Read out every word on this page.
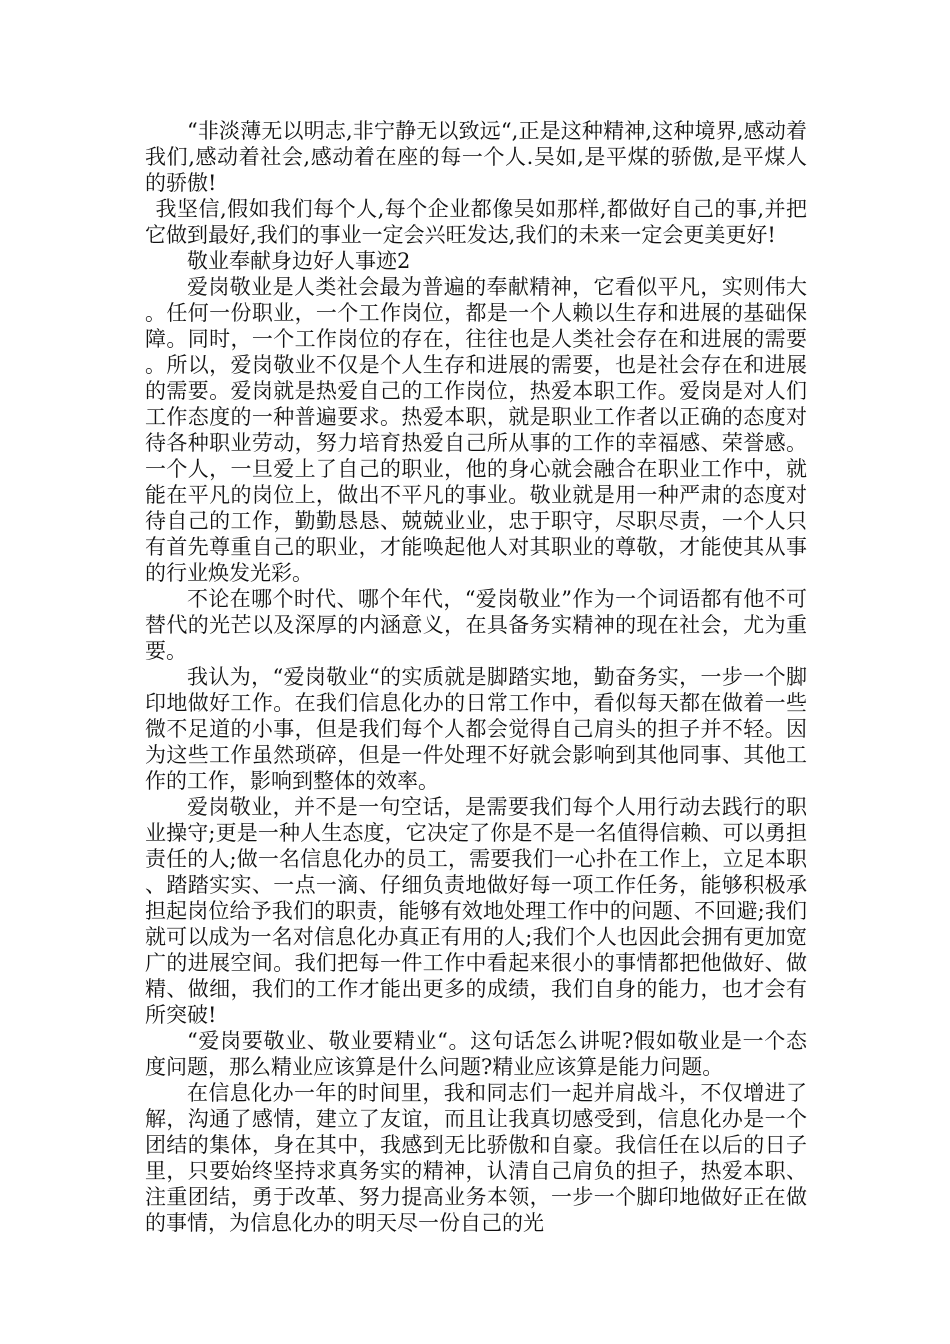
“非淡薄无以明志,非宁静无以致远“,正是这种精神,这种境界,感动着我们,感动着社会,感动着在座的每一个人.吴如,是平煤的骄傲,是平煤人的骄傲!

我坚信,假如我们每个人,每个企业都像吴如那样,都做好自己的事,并把它做到最好,我们的事业一定会兴旺发达,我们的未来一定会更美更好!

敬业奉献身边好人事迹2

爱岗敬业是人类社会最为普遍的奉献精神，它看似平凡，实则伟大。任何一份职业，一个工作岗位，都是一个人赖以生存和进展的基础保障。同时，一个工作岗位的存在，往往也是人类社会存在和进展的需要。所以，爱岗敬业不仅是个人生存和进展的需要，也是社会存在和进展的需要。爱岗就是热爱自己的工作岗位，热爱本职工作。爱岗是对人们工作态度的一种普遍要求。热爱本职，就是职业工作者以正确的态度对待各种职业劳动，努力培育热爱自己所从事的工作的幸福感、荣誉感。一个人，一旦爱上了自己的职业，他的身心就会融合在职业工作中，就能在平凡的岗位上，做出不平凡的事业。敬业就是用一种严肃的态度对待自己的工作，勤勤恳恳、兢兢业业，忠于职守，尽职尽责，一个人只有首先尊重自己的职业，才能唤起他人对其职业的尊敬，才能使其从事的行业焕发光彩。

不论在哪个时代、哪个年代，“爱岗敬业”作为一个词语都有他不可替代的光芒以及深厚的内涵意义，在具备务实精神的现在社会，尤为重要。

我认为，“爱岗敬业“的实质就是脚踏实地，勤奋务实，一步一个脚印地做好工作。在我们信息化办的日常工作中，看似每天都在做着一些微不足道的小事，但是我们每个人都会觉得自己肩头的担子并不轻。因为这些工作虽然琐碎，但是一件处理不好就会影响到其他同事、其他工作的工作，影响到整体的效率。

爱岗敬业，并不是一句空话，是需要我们每个人用行动去践行的职业操守;更是一种人生态度，它决定了你是不是一名值得信赖、可以勇担责任的人;做一名信息化办的员工，需要我们一心扑在工作上，立足本职、踏踏实实、一点一滴、仔细负责地做好每一项工作任务，能够积极承担起岗位给予我们的职责，能够有效地处理工作中的问题、不回避;我们就可以成为一名对信息化办真正有用的人;我们个人也因此会拥有更加宽广的进展空间。我们把每一件工作中看起来很小的事情都把他做好、做精、做细，我们的工作才能出更多的成绩，我们自身的能力，也才会有所突破!

“爱岗要敬业、敬业要精业“。这句话怎么讲呢?假如敬业是一个态度问题，那么精业应该算是什么问题?精业应该算是能力问题。

在信息化办一年的时间里，我和同志们一起并肩战斗，不仅增进了解，沟通了感情，建立了友谊，而且让我真切感受到，信息化办是一个团结的集体，身在其中，我感到无比骄傲和自豪。我信任在以后的日子里，只要始终坚持求真务实的精神，认清自己肩负的担子，热爱本职、注重团结，勇于改革、努力提高业务本领，一步一个脚印地做好正在做的事情，为信息化办的明天尽一份自己的光
